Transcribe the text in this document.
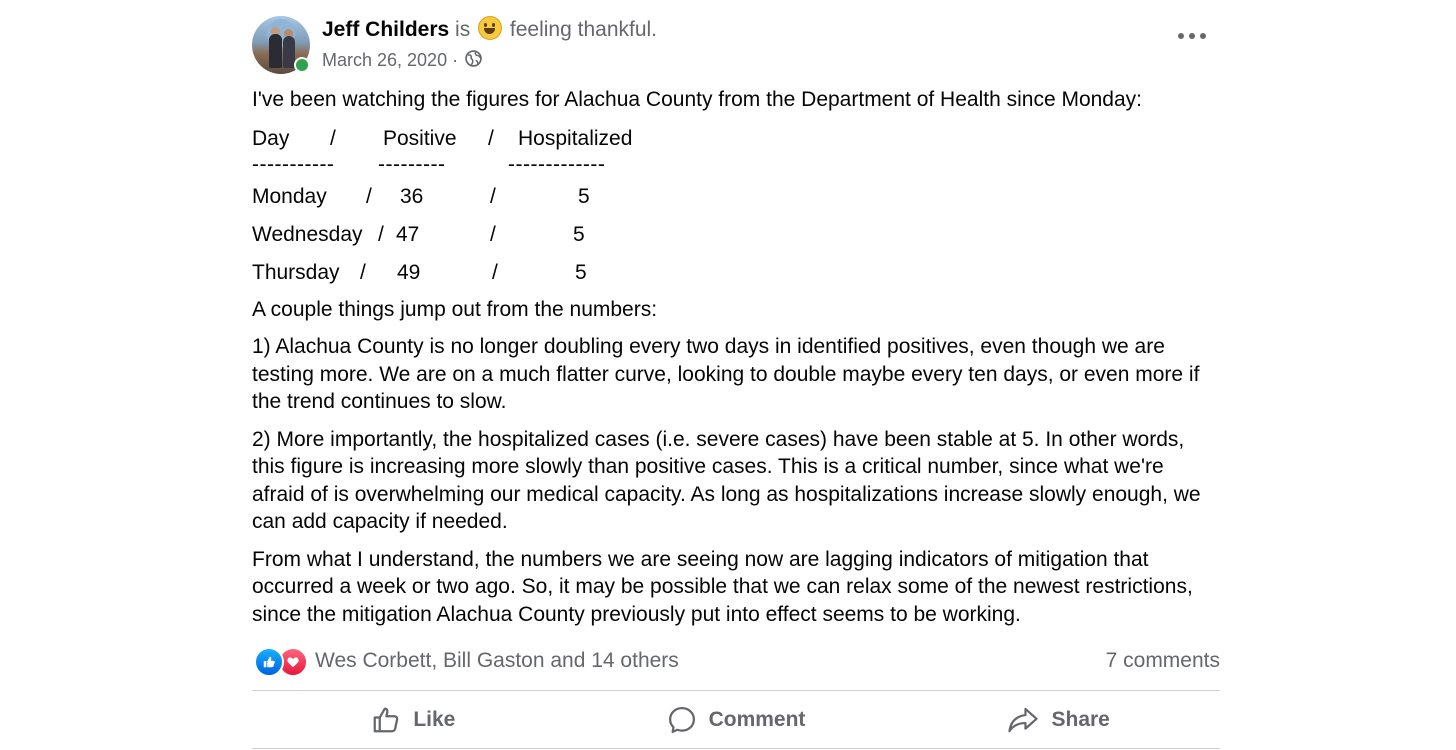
Jeff Childers is feeling thankful.
March 26, 2020 ·

I've been watching the figures for Alachua County from the Department of Health since Monday:

Day / Positive / Hospitalized
----------- ---------	-------------
Monday / 36	/	5
Wednesday / 47	/	5
Thursday / 49	/	5

A couple things jump out from the numbers:

1) Alachua County is no longer doubling every two days in identified positives, even though we are testing more. We are on a much flatter curve, looking to double maybe every ten days, or even more if the trend continues to slow.

2) More importantly, the hospitalized cases (i.e. severe cases) have been stable at 5. In other words, this figure is increasing more slowly than positive cases. This is a critical number, since what we're afraid of is overwhelming our medical capacity. As long as hospitalizations increase slowly enough, we can add capacity if needed.

From what I understand, the numbers we are seeing now are lagging indicators of mitigation that occurred a week or two ago. So, it may be possible that we can relax some of the newest restrictions, since the mitigation Alachua County previously put into effect seems to be working.

Wes Corbett, Bill Gaston and 14 others	7 comments
Like	Comment	Share
